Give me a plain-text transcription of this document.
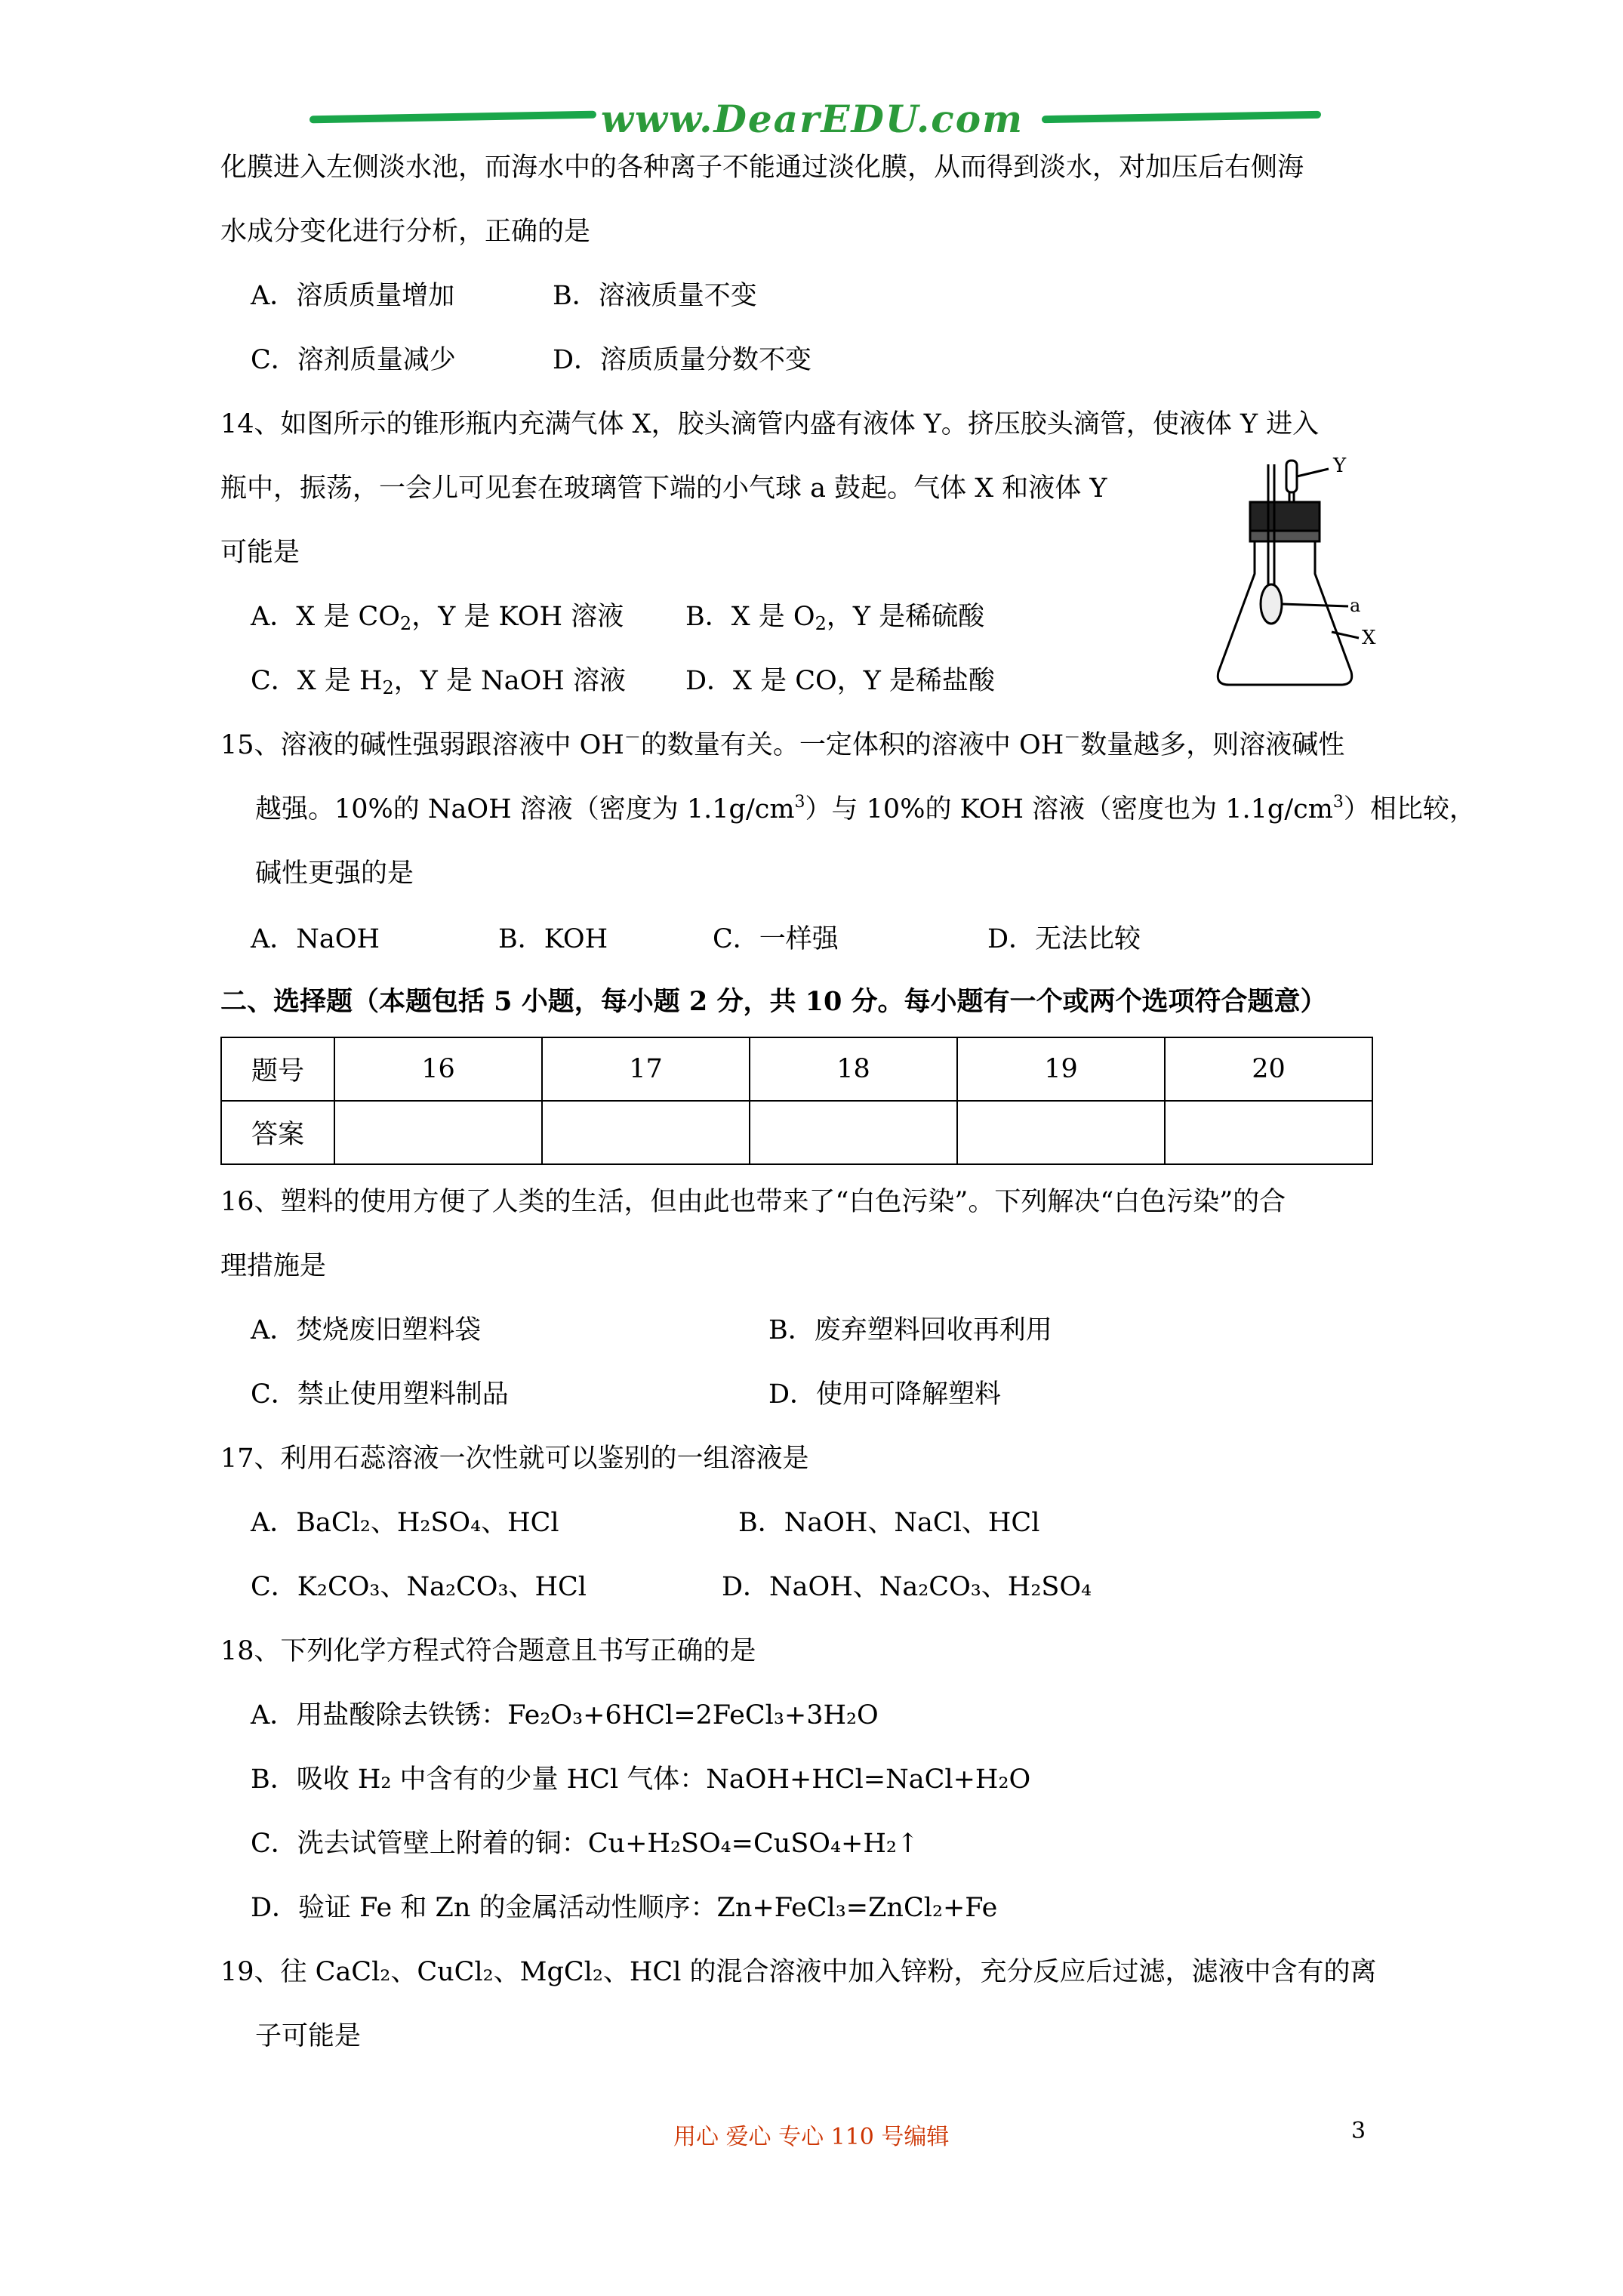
www.DearEDU.com
化膜进入左侧淡水池，而海水中的各种离子不能通过淡化膜，从而得到淡水，对加压后右侧海
水成分变化进行分析，正确的是
A．溶质质量增加	B．溶液质量不变
C．溶剂质量减少	D．溶质质量分数不变
14、如图所示的锥形瓶内充满气体 X，胶头滴管内盛有液体 Y。挤压胶头滴管，使液体 Y 进入
瓶中，振荡，一会儿可见套在玻璃管下端的小气球 a 鼓起。气体 X 和液体 Y
可能是
A．X 是 $CO_2$，Y 是 KOH 溶液 B．X 是 $O_2$，Y 是稀硫酸
C．X 是 $H_2$，Y 是 NaOH 溶液 D．X 是 CO，Y 是稀盐酸
Y
a
X
15、溶液的碱性强弱跟溶液中 OH－的数量有关。一定体积的溶液中 OH－数量越多，则溶液碱性
越强。10%的 NaOH 溶液（密度为 $1.1g/cm^3$）与 10%的 KOH 溶液（密度也为 $1.1g/cm^3$）相比较，
碱性更强的是
A．NaOH	B．KOH	C．一样强	D．无法比较
二、选择题（本题包括 5 小题，每小题 2 分，共 10 分。每小题有一个或两个选项符合题意）
题号	16	17	18	19	20
答案					
16、塑料的使用方便了人类的生活，但由此也带来了“白色污染”。下列解决“白色污染”的合
理措施是
A．焚烧废旧塑料袋	B．废弃塑料回收再利用
C．禁止使用塑料制品	D．使用可降解塑料
17、利用石蕊溶液一次性就可以鉴别的一组溶液是
A．BaCl₂、H₂SO₄、HCl	B．NaOH、NaCl、HCl
C．K₂CO₃、Na₂CO₃、HCl	D．NaOH、Na₂CO₃、H₂SO₄
18、下列化学方程式符合题意且书写正确的是
A．用盐酸除去铁锈：Fe₂O₃+6HCl=2FeCl₃+3H₂O
B．吸收 H₂ 中含有的少量 HCl 气体：NaOH+HCl=NaCl+H₂O
C．洗去试管壁上附着的铜：Cu+H₂SO₄=CuSO₄+H₂↑
D．验证 Fe 和 Zn 的金属活动性顺序：Zn+FeCl₃=ZnCl₂+Fe
19、往 CaCl₂、CuCl₂、MgCl₂、HCl 的混合溶液中加入锌粉，充分反应后过滤，滤液中含有的离
子可能是
用心 爱心 专心 110 号编辑	3
